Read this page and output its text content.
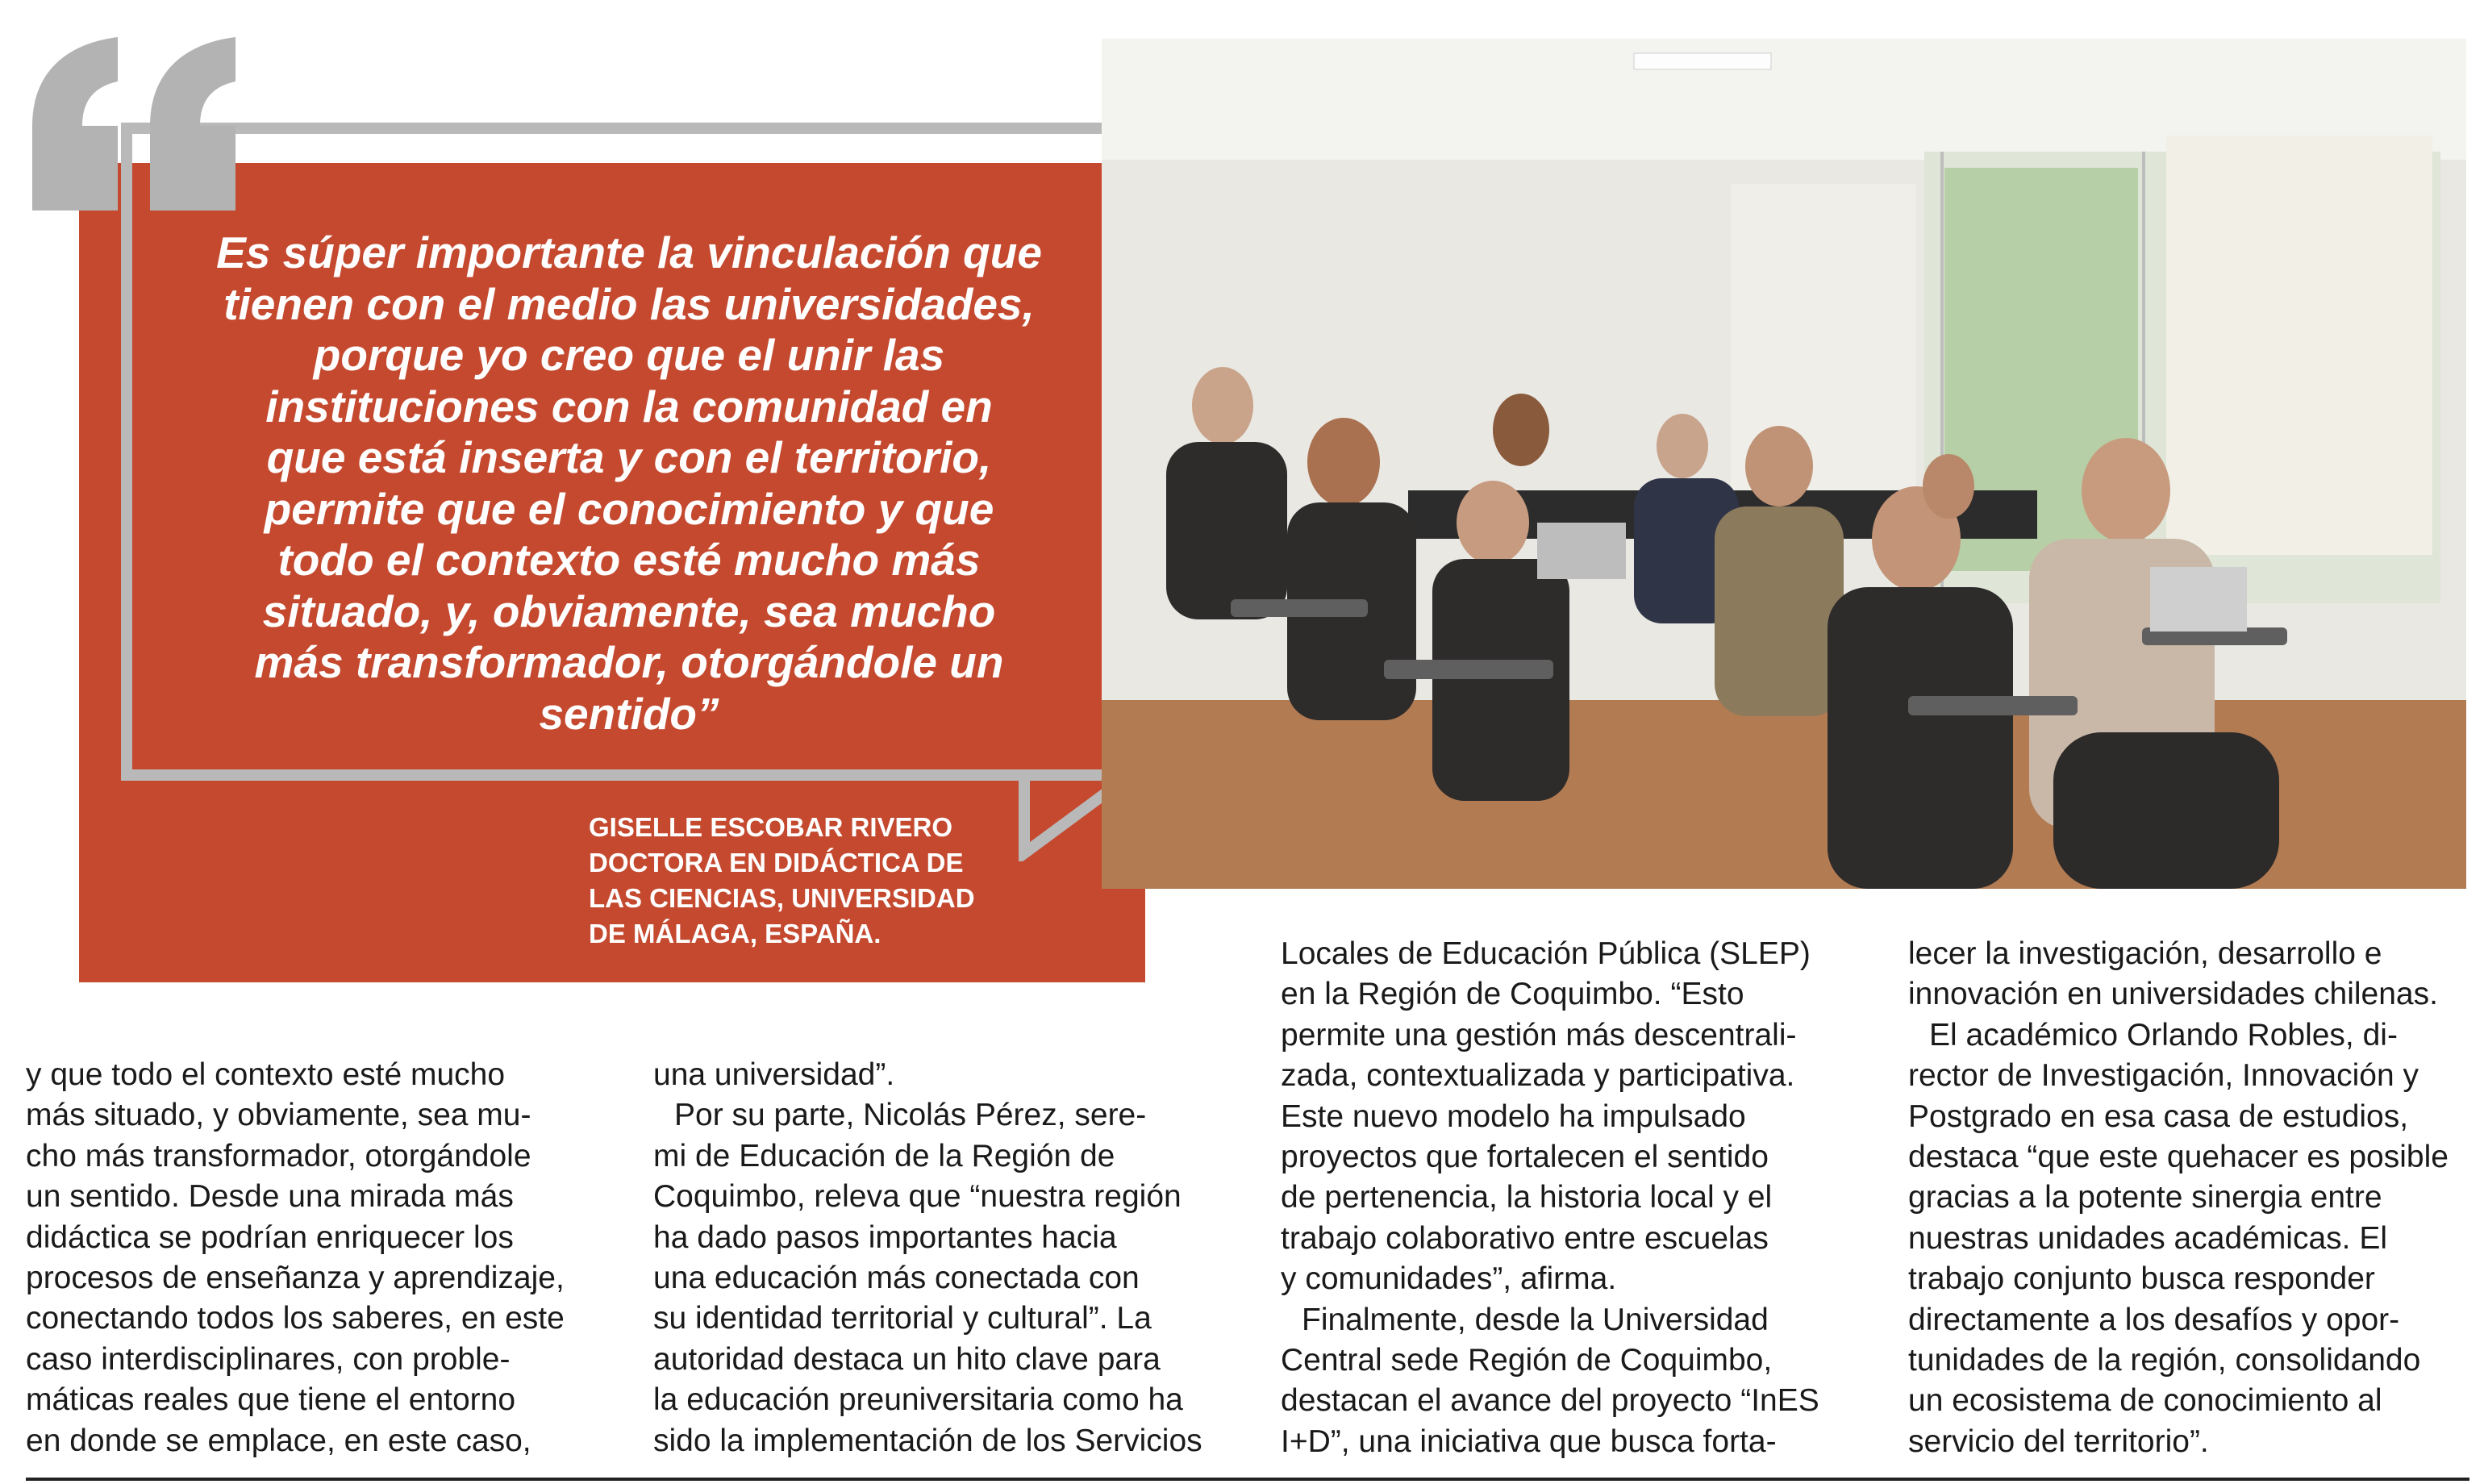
Es súper importante la vinculación que
tienen con el medio las universidades,
porque yo creo que el unir las
instituciones con la comunidad en
que está inserta y con el territorio,
permite que el conocimiento y que
todo el contexto esté mucho más
situado, y, obviamente, sea mucho
más transformador, otorgándole un
sentido”
GISELLE ESCOBAR RIVERO
DOCTORA EN DIDÁCTICA DE
LAS CIENCIAS, UNIVERSIDAD
DE MÁLAGA, ESPAÑA.

y que todo el contexto esté mucho

más situado, y obviamente, sea mu-

cho más transformador, otorgándole

un sentido. Desde una mirada más

didáctica se podrían enriquecer los

procesos de enseñanza y aprendizaje,

conectando todos los saberes, en este

caso interdisciplinares, con proble-

máticas reales que tiene el entorno

en donde se emplace, en este caso,

una universidad”.

Por su parte, Nicolás Pérez, sere-

mi de Educación de la Región de

Coquimbo, releva que “nuestra región

ha dado pasos importantes hacia

una educación más conectada con

su identidad territorial y cultural”. La

autoridad destaca un hito clave para

la educación preuniversitaria como ha

sido la implementación de los Servicios

Locales de Educación Pública (SLEP)

en la Región de Coquimbo. “Esto

permite una gestión más descentrali-

zada, contextualizada y participativa.

Este nuevo modelo ha impulsado

proyectos que fortalecen el sentido

de pertenencia, la historia local y el

trabajo colaborativo entre escuelas

y comunidades”, afirma.

Finalmente, desde la Universidad

Central sede Región de Coquimbo,

destacan el avance del proyecto “InES

I+D”, una iniciativa que busca forta-

lecer la investigación, desarrollo e

innovación en universidades chilenas.

El académico Orlando Robles, di-

rector de Investigación, Innovación y

Postgrado en esa casa de estudios,

destaca “que este quehacer es posible

gracias a la potente sinergia entre

nuestras unidades académicas. El

trabajo conjunto busca responder

directamente a los desafíos y opor-

tunidades de la región, consolidando

un ecosistema de conocimiento al

servicio del territorio”.
